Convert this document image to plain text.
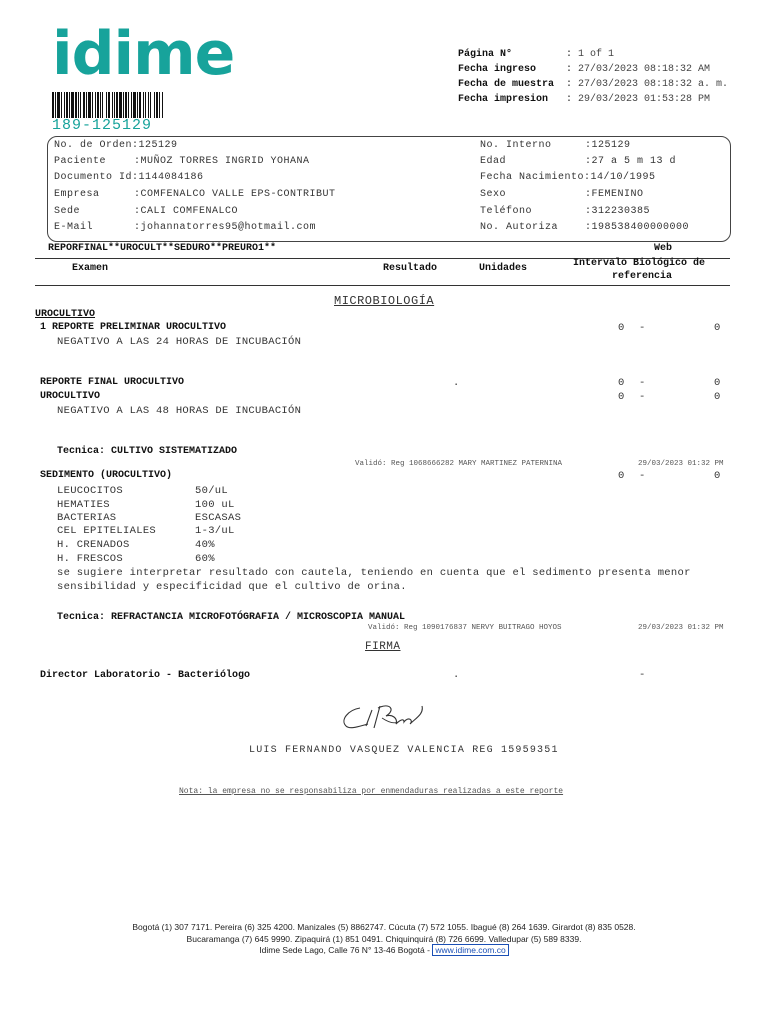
idime
189-125129
Página N°	: 1 of 1
Fecha ingreso	: 27/03/2023 08:18:32 AM
Fecha de muestra : 27/03/2023 08:18:32 a. m.
Fecha impresion : 29/03/2023 01:53:28 PM
No. de Orden:125129
Paciente	:MUÑOZ TORRES INGRID YOHANA
Documento Id:1144084186
Empresa	:COMFENALCO VALLE EPS-CONTRIBUT
Sede	:CALI COMFENALCO
E-Mail	:johannatorres95@hotmail.com
No. Interno	:125129
Edad	:27 a 5 m 13 d
Fecha Nacimiento:14/10/1995
Sexo	:FEMENINO
Teléfono	:312230385
No. Autoriza	:198538400000000
REPORFINAL**UROCULT**SEDURO**PREURO1**	Web
Examen	Resultado	Unidades	Intervalo Biológico de
referencia
MICROBIOLOGÍA
UROCULTIVO
1 REPORTE PRELIMINAR UROCULTIVO	0 -	0
NEGATIVO A LAS 24 HORAS DE INCUBACIÓN
REPORTE FINAL UROCULTIVO	.	0 -	0
UROCULTIVO	0 -	0
NEGATIVO A LAS 48 HORAS DE INCUBACIÓN
Tecnica: CULTIVO SISTEMATIZADO
Validó: Reg 1068666282 MARY MARTINEZ PATERNINA	29/03/2023 01:32 PM
SEDIMENTO (UROCULTIVO)	0 -	0
LEUCOCITOS	50/uL
HEMATIES	100 uL
BACTERIAS	ESCASAS
CEL EPITELIALES	1-3/uL
H. CRENADOS	40%
H. FRESCOS	60%
se sugiere interpretar resultado con cautela, teniendo en cuenta que el sedimento presenta menor
sensibilidad y especificidad que el cultivo de orina.
Tecnica: REFRACTANCIA MICROFOTÓGRAFIA / MICROSCOPIA MANUAL
Validó: Reg 1090176837 NERVY BUITRAGO HOYOS	29/03/2023 01:32 PM
FIRMA
Director Laboratorio - Bacteriólogo	.	-
LUIS FERNANDO VASQUEZ VALENCIA REG 15959351
Nota: la empresa no se responsabiliza por enmendaduras realizadas a este reporte
Bogotá (1) 307 7171. Pereira (6) 325 4200. Manizales (5) 8862747. Cúcuta (7) 572 1055. Ibagué (8) 264 1639. Girardot (8) 835 0528.
Bucaramanga (7) 645 9990. Zipaquirá (1) 851 0491. Chiquinquirá (8) 726 6699. Valledupar (5) 589 8339.
Idime Sede Lago, Calle 76 N° 13-46 Bogotá - www.idime.com.co
